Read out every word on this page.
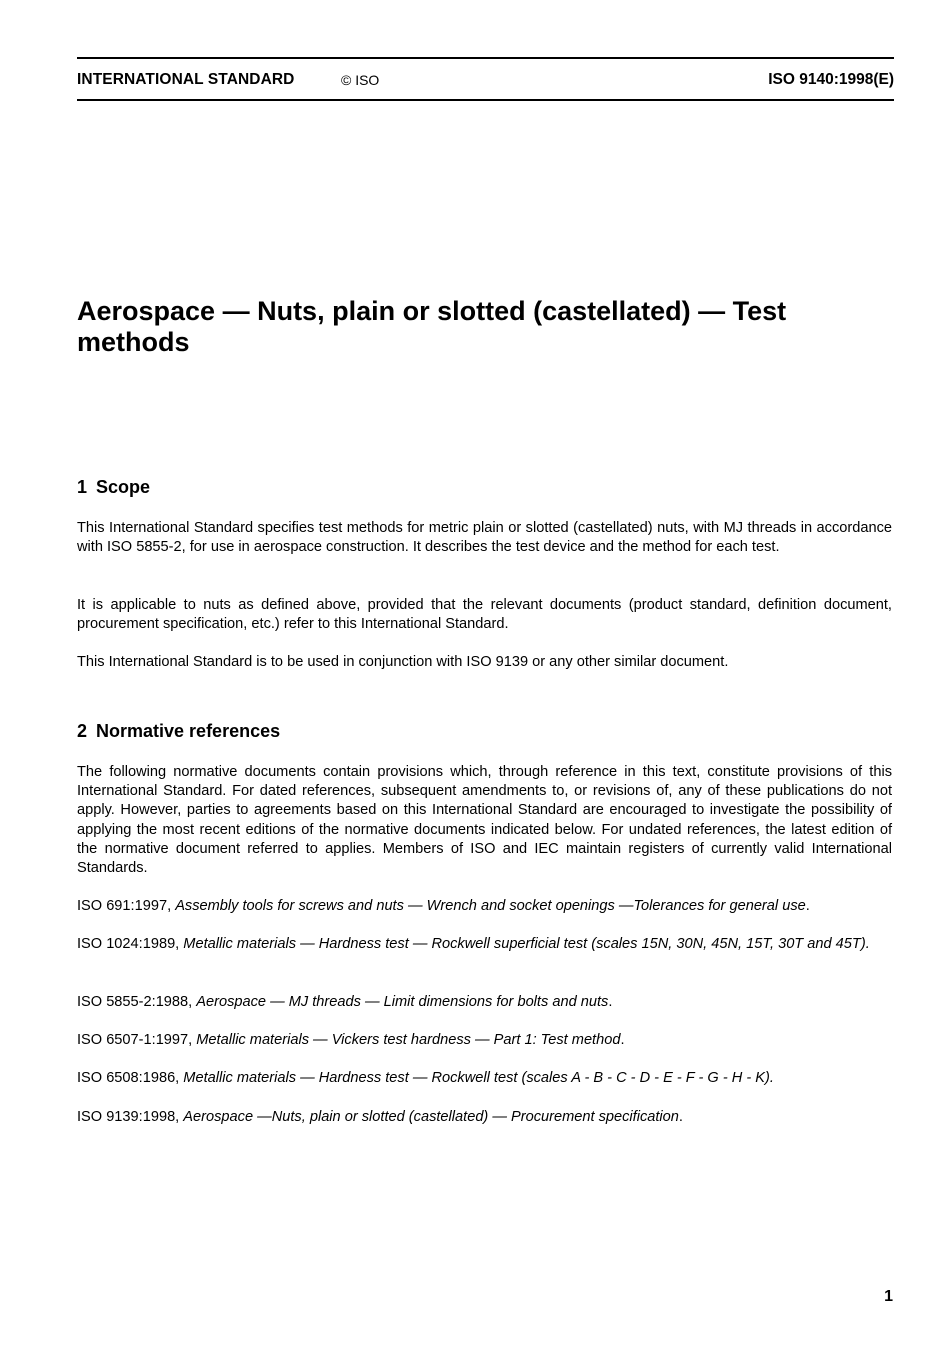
INTERNATIONAL STANDARD	© ISO	ISO 9140:1998(E)
Aerospace — Nuts, plain or slotted (castellated) — Test methods
1 Scope

This International Standard specifies test methods for metric plain or slotted (castellated) nuts, with MJ threads in accordance with ISO 5855-2, for use in aerospace construction. It describes the test device and the method for each test.

It is applicable to nuts as defined above, provided that the relevant documents (product standard, definition document, procurement specification, etc.) refer to this International Standard.

This International Standard is to be used in conjunction with ISO 9139 or any other similar document.

2 Normative references

The following normative documents contain provisions which, through reference in this text, constitute provisions of this International Standard. For dated references, subsequent amendments to, or revisions of, any of these publications do not apply. However, parties to agreements based on this International Standard are encouraged to investigate the possibility of applying the most recent editions of the normative documents indicated below. For undated references, the latest edition of the normative document referred to applies. Members of ISO and IEC maintain registers of currently valid International Standards.

ISO 691:1997, Assembly tools for screws and nuts — Wrench and socket openings —Tolerances for general use.

ISO 1024:1989, Metallic materials — Hardness test — Rockwell superficial test (scales 15N, 30N, 45N, 15T, 30T and 45T).

ISO 5855-2:1988, Aerospace — MJ threads — Limit dimensions for bolts and nuts.

ISO 6507-1:1997, Metallic materials — Vickers test hardness — Part 1: Test method.

ISO 6508:1986, Metallic materials — Hardness test — Rockwell test (scales A - B - C - D - E - F - G - H - K).

ISO 9139:1998, Aerospace —Nuts, plain or slotted (castellated) — Procurement specification.

1
